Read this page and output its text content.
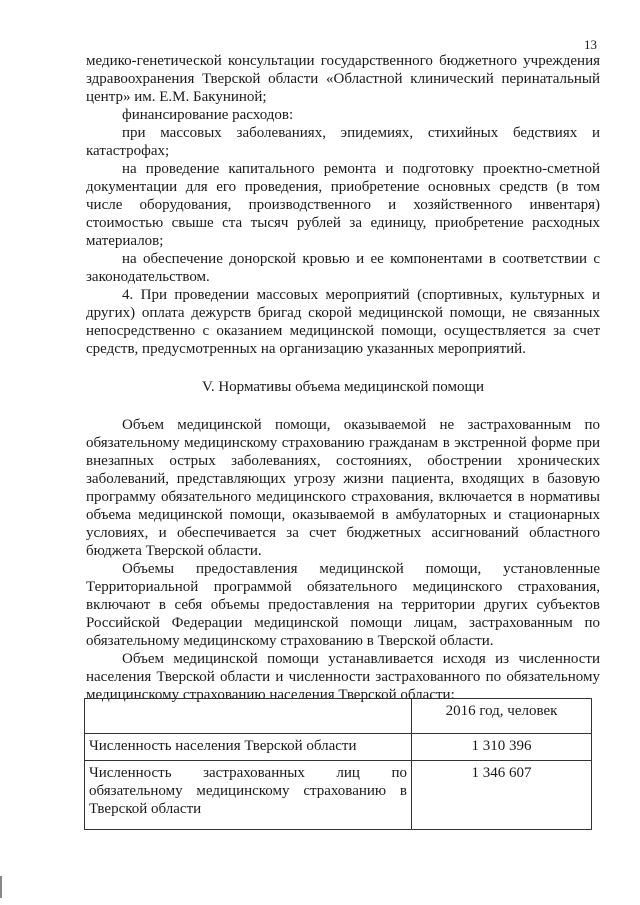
13

медико-генетической консультации государственного бюджетного учреждения здравоохранения Тверской области «Областной клинический перинатальный центр» им. Е.М. Бакуниной;

финансирование расходов:

при массовых заболеваниях, эпидемиях, стихийных бедствиях и катастрофах;

на проведение капитального ремонта и подготовку проектно-сметной документации для его проведения, приобретение основных средств (в том числе оборудования, производственного и хозяйственного инвентаря) стоимостью свыше ста тысяч рублей за единицу, приобретение расходных материалов;

на обеспечение донорской кровью и ее компонентами в соответствии с законодательством.

4. При проведении массовых мероприятий (спортивных, культурных и других) оплата дежурств бригад скорой медицинской помощи, не связанных непосредственно с оказанием медицинской помощи, осуществляется за счет средств, предусмотренных на организацию указанных мероприятий.

V. Нормативы объема медицинской помощи

Объем медицинской помощи, оказываемой не застрахованным по обязательному медицинскому страхованию гражданам в экстренной форме при внезапных острых заболеваниях, состояниях, обострении хронических заболеваний, представляющих угрозу жизни пациента, входящих в базовую программу обязательного медицинского страхования, включается в нормативы объема медицинской помощи, оказываемой в амбулаторных и стационарных условиях, и обеспечивается за счет бюджетных ассигнований областного бюджета Тверской области.

Объемы предоставления медицинской помощи, установленные Территориальной программой обязательного медицинского страхования, включают в себя объемы предоставления на территории других субъектов Российской Федерации медицинской помощи лицам, застрахованным по обязательному медицинскому страхованию в Тверской области.

Объем медицинской помощи устанавливается исходя из численности населения Тверской области и численности застрахованного по обязательному медицинскому страхованию населения Тверской области:

	2016 год, человек
Численность населения Тверской области	1 310 396
Численность застрахованных лиц по обязательному медицинскому страхованию в Тверской области	1 346 607
